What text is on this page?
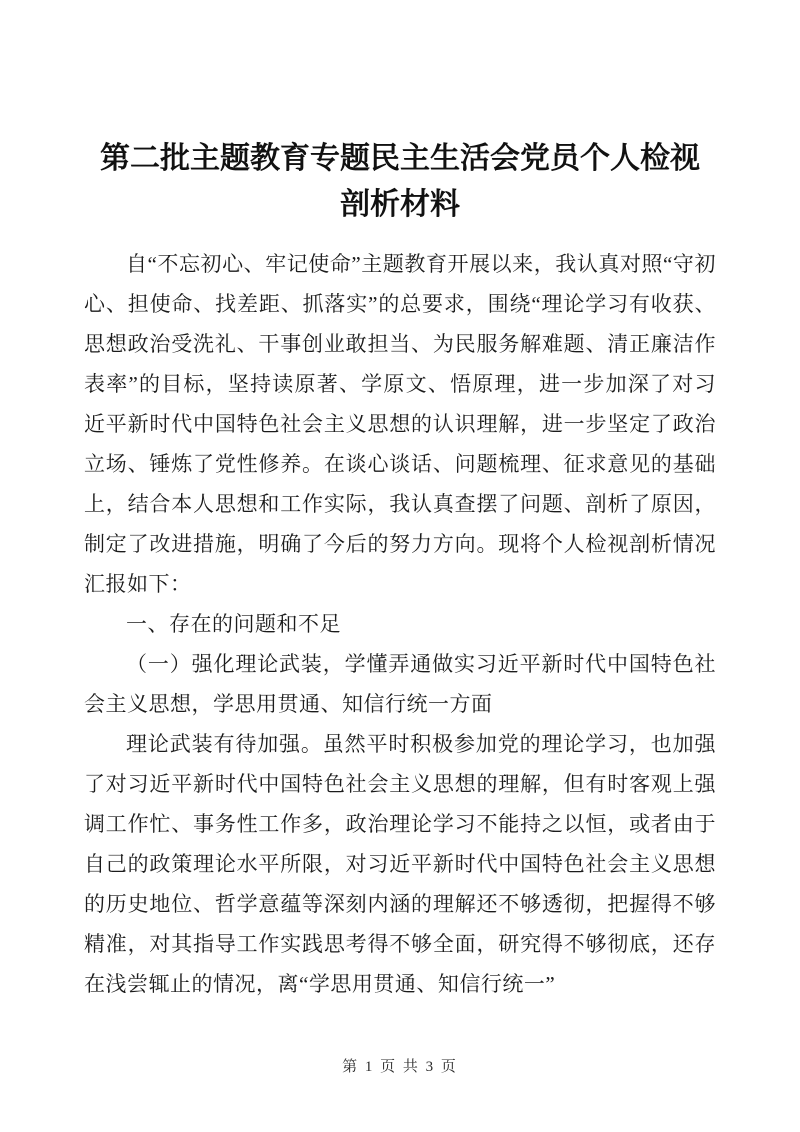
第二批主题教育专题民主生活会党员个人检视
剖析材料

自“不忘初心、牢记使命”主题教育开展以来，我认真对照“守初心、担使命、找差距、抓落实”的总要求，围绕“理论学习有收获、思想政治受洗礼、干事创业敢担当、为民服务解难题、清正廉洁作表率”的目标，坚持读原著、学原文、悟原理，进一步加深了对习近平新时代中国特色社会主义思想的认识理解，进一步坚定了政治立场、锤炼了党性修养。在谈心谈话、问题梳理、征求意见的基础上，结合本人思想和工作实际，我认真查摆了问题、剖析了原因，制定了改进措施，明确了今后的努力方向。现将个人检视剖析情况汇报如下：

一、存在的问题和不足

（一）强化理论武装，学懂弄通做实习近平新时代中国特色社会主义思想，学思用贯通、知信行统一方面

理论武装有待加强。虽然平时积极参加党的理论学习，也加强了对习近平新时代中国特色社会主义思想的理解，但有时客观上强调工作忙、事务性工作多，政治理论学习不能持之以恒，或者由于自己的政策理论水平所限，对习近平新时代中国特色社会主义思想的历史地位、哲学意蕴等深刻内涵的理解还不够透彻，把握得不够精准，对其指导工作实践思考得不够全面，研究得不够彻底，还存在浅尝辄止的情况，离“学思用贯通、知信行统一”

第 1 页 共 3 页
